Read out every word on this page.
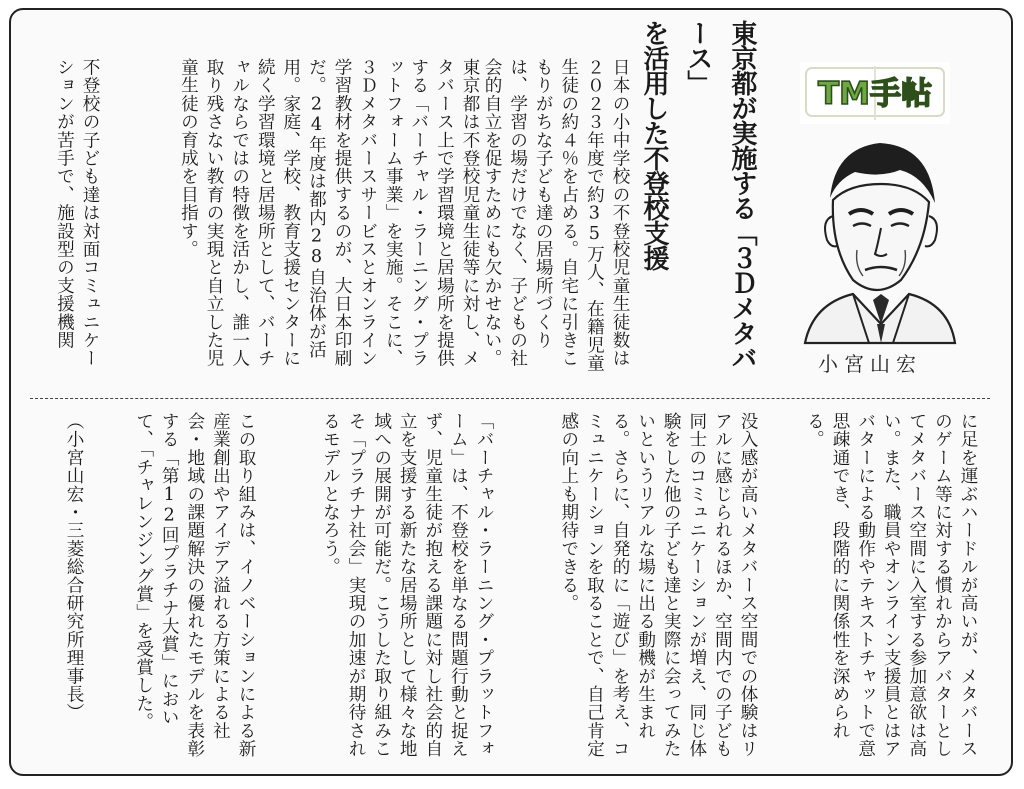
TM手帖
東京都が実施する「３Ｄメタバース」
を活用した不登校支援
小宮山宏
日本の小中学校の不登校児童生徒数は２０２３年度で約35万人、在籍児童生徒の約４％を占める。自宅に引きこもりがちな子ども達の居場所づくりは、学習の場だけでなく、子どもの社会的自立を促すためにも欠かせない。
東京都は不登校児童生徒等に対し、メタバース上で学習環境と居場所を提供する「バーチャル・ラーニング・プラットフォーム事業」を実施。そこに、３Ｄメタバースサービスとオンライン学習教材を提供するのが、大日本印刷だ。24年度は都内28自治体が活用。家庭、学校、教育支援センターに続く学習環境と居場所として、バーチャルならではの特徴を活かし、誰一人取り残さない教育の実現と自立した児童生徒の育成を目指す。
不登校の子ども達は対面コミュニケーションが苦手で、施設型の支援機関
に足を運ぶハードルが高いが、メタバースのゲーム等に対する慣れからアバターとしてメタバース空間に入室する参加意欲は高い。また、職員やオンライン支援員とはアバターによる動作やテキストチャットで意思疎通でき、段階的に関係性を深められる。
没入感が高いメタバース空間での体験はリアルに感じられるほか、空間内での子ども同士のコミュニケーションが増え、同じ体験をした他の子ども達と実際に会ってみたいというリアルな場に出る動機が生まれる。さらに、自発的に「遊び」を考え、コミュニケーションを取ることで、自己肯定感の向上も期待できる。
「バーチャル・ラーニング・プラットフォーム」は、不登校を単なる問題行動と捉えず、児童生徒が抱える課題に対し社会的自立を支援する新たな居場所として様々な地域への展開が可能だ。こうした取り組みこそ「プラチナ社会」実現の加速が期待されるモデルとなろう。
この取り組みは、イノベーションによる新産業創出やアイデア溢れる方策による社会・地域の課題解決の優れたモデルを表彰する「第12回プラチナ大賞」において、「チャレンジング賞」を受賞した。
（小宮山宏・三菱総合研究所理事長）
